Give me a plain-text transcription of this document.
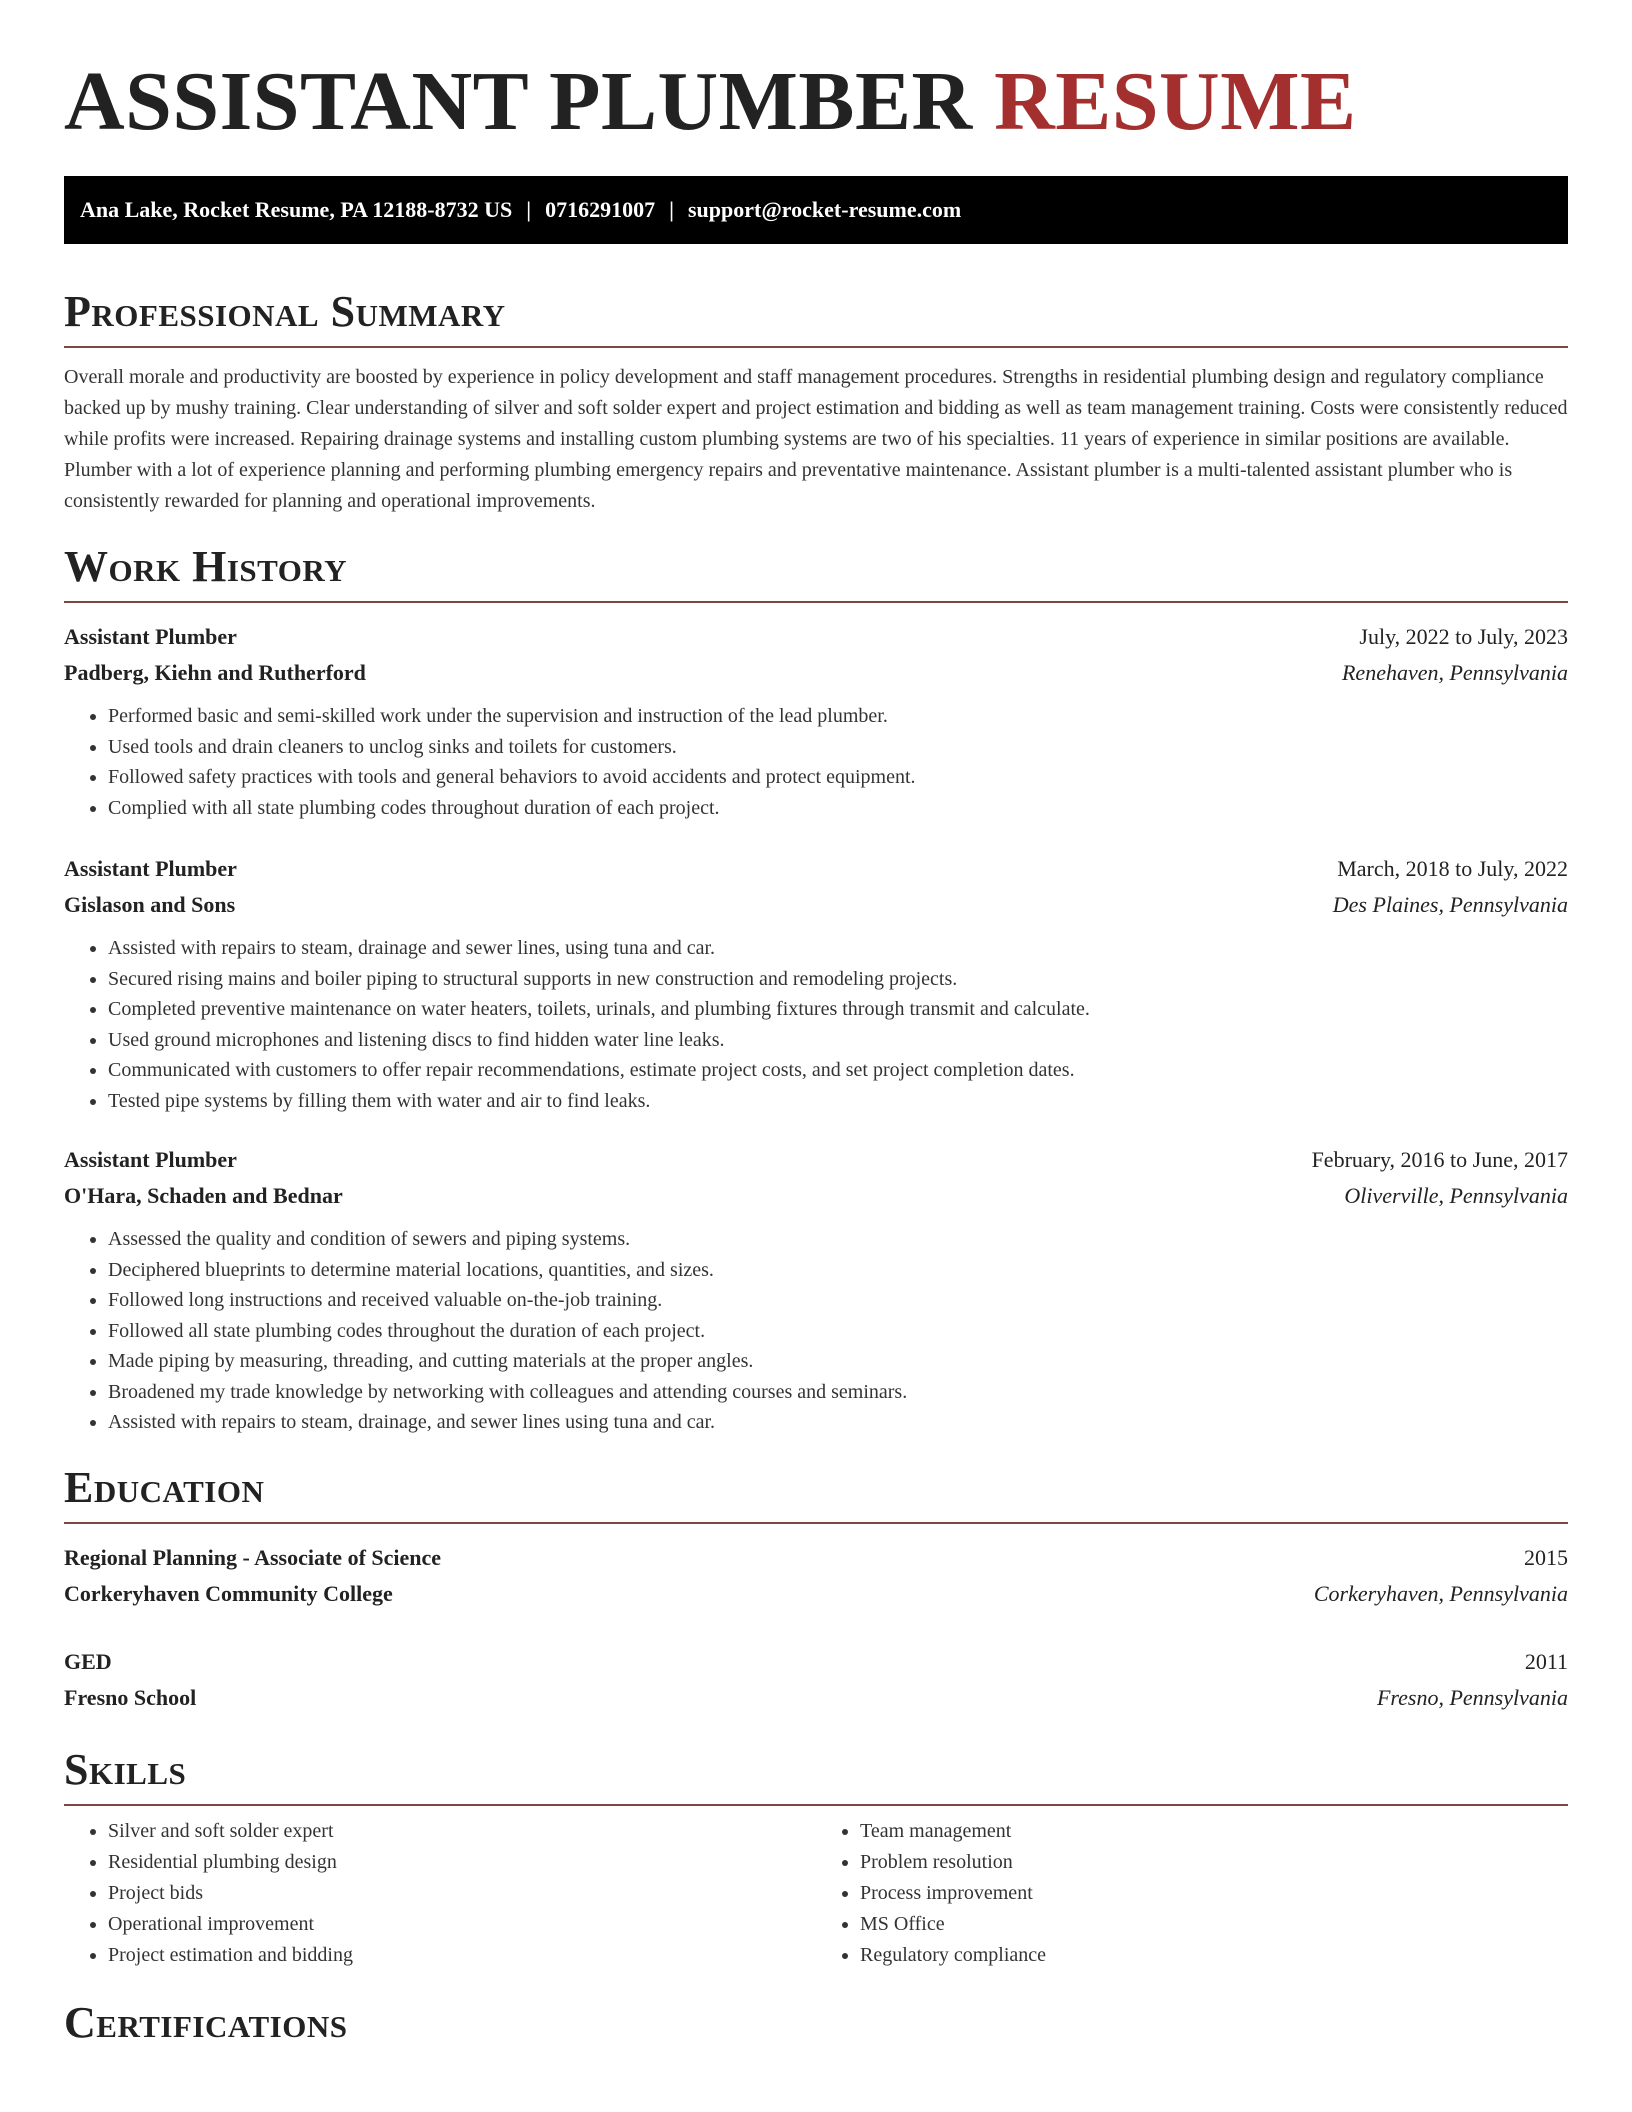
ASSISTANT PLUMBER RESUME
Ana Lake, Rocket Resume, PA 12188-8732 US | 0716291007 | support@rocket-resume.com
Professional Summary

Overall morale and productivity are boosted by experience in policy development and staff management procedures. Strengths in residential plumbing design and regulatory compliance backed up by mushy training. Clear understanding of silver and soft solder expert and project estimation and bidding as well as team management training. Costs were consistently reduced while profits were increased. Repairing drainage systems and installing custom plumbing systems are two of his specialties. 11 years of experience in similar positions are available. Plumber with a lot of experience planning and performing plumbing emergency repairs and preventative maintenance. Assistant plumber is a multi-talented assistant plumber who is consistently rewarded for planning and operational improvements.

Work History
Assistant Plumber	July, 2022 to July, 2023
Padberg, Kiehn and Rutherford	Renehaven, Pennsylvania
• Performed basic and semi-skilled work under the supervision and instruction of the lead plumber.
• Used tools and drain cleaners to unclog sinks and toilets for customers.
• Followed safety practices with tools and general behaviors to avoid accidents and protect equipment.
• Complied with all state plumbing codes throughout duration of each project.
Assistant Plumber	March, 2018 to July, 2022
Gislason and Sons	Des Plaines, Pennsylvania
• Assisted with repairs to steam, drainage and sewer lines, using tuna and car.
• Secured rising mains and boiler piping to structural supports in new construction and remodeling projects.
• Completed preventive maintenance on water heaters, toilets, urinals, and plumbing fixtures through transmit and calculate.
• Used ground microphones and listening discs to find hidden water line leaks.
• Communicated with customers to offer repair recommendations, estimate project costs, and set project completion dates.
• Tested pipe systems by filling them with water and air to find leaks.
Assistant Plumber	February, 2016 to June, 2017
O'Hara, Schaden and Bednar	Oliverville, Pennsylvania
• Assessed the quality and condition of sewers and piping systems.
• Deciphered blueprints to determine material locations, quantities, and sizes.
• Followed long instructions and received valuable on-the-job training.
• Followed all state plumbing codes throughout the duration of each project.
• Made piping by measuring, threading, and cutting materials at the proper angles.
• Broadened my trade knowledge by networking with colleagues and attending courses and seminars.
• Assisted with repairs to steam, drainage, and sewer lines using tuna and car.
Education
Regional Planning - Associate of Science	2015
Corkeryhaven Community College	Corkeryhaven, Pennsylvania
GED	2011
Fresno School	Fresno, Pennsylvania
Skills
• Silver and soft solder expert
• Residential plumbing design
• Project bids
• Operational improvement
• Project estimation and bidding
• Team management
• Problem resolution
• Process improvement
• MS Office
• Regulatory compliance
Certifications
